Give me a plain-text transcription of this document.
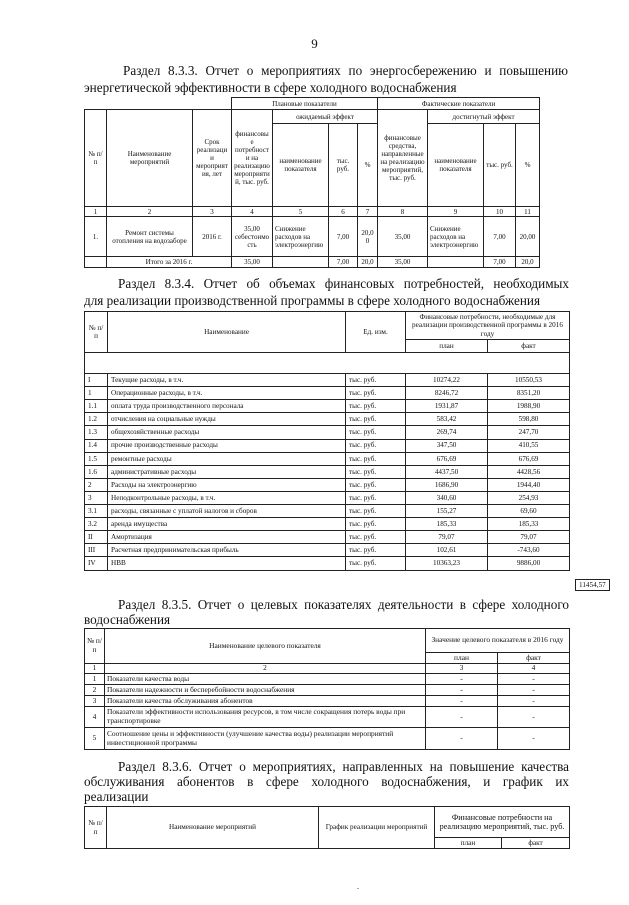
9
Раздел 8.3.3. Отчет о мероприятиях по энергосбережению и повышению
энергетической эффективности в сфере холодного водоснабжения
			Плановые показатели				Фактические показатели				
№ п/п	Наименование мероприятий	Срок реализации мероприятия, лет	финансовые потребности на реализацию мероприятий, тыс. руб.	ожидаемый эффект			финансовые средства, направленные на реализацию мероприятий, тыс. руб.	достигнутый эффект			
				наименование показателя	тыс. руб.	%		наименование показателя	тыс. руб.	%	
1	2	3	4	5	6	7	8	9	10	11	
1.	Ремонт системы отопления на водозаборе	2016 г.	35,00 себестоимость	Снижение расходов на электроэнергию	7,00	20,00	35,00	Снижение расходов на электроэнергию	7,00	20,00	
	Итого за 2016 г.		35,00		7,00	20,0	35,00		7,00	20,0	
Раздел 8.3.4. Отчет об объемах финансовых потребностей, необходимых
для реализации производственной программы в сфере холодного водоснабжения
№ п/п	Наименование	Ед. изм.	Финансовые потребности, необходимые для реализации производственной программы в 2016 году	
			план	факт

I	Текущие расходы, в т.ч.	тыс. руб.	10274,22	10550,53
1	Операционные расходы, в т.ч.	тыс. руб.	8246,72	8351,20
1.1	оплата труда производственного персонала	тыс. руб.	1931,87	1988,90
1.2	отчисления на социальные нужды	тыс. руб.	583,42	598,80
1.3	общехозяйственные расходы	тыс. руб.	269,74	247,70
1.4	прочие производственные расходы	тыс. руб.	347,50	410,55
1.5	ремонтные расходы	тыс. руб.	676,69	676,69
1.6	административные расходы	тыс. руб.	4437,50	4428,56
2	Расходы на электроэнергию	тыс. руб.	1686,90	1944,40
3	Неподконтрольные расходы, в т.ч.	тыс. руб.	340,60	254,93
3.1	расходы, связанные с уплатой налогов и сборов	тыс. руб.	155,27	69,60
3.2	аренда имущества	тыс. руб.	185,33	185,33
II	Амортизация	тыс. руб.	79,07	79,07
III	Расчетная предпринимательская прибыль	тыс. руб.	102,61	-743,60
IV	НВВ	тыс. руб.	10363,23	9886,00
11454,57
Раздел 8.3.5. Отчет о целевых показателях деятельности в сфере холодного
водоснабжения
№ п/п	Наименование целевого показателя	Значение целевого показателя в 2016 году	
		план	факт
1	2	3	4
1	Показатели качества воды	-	-
2	Показатели надежности и бесперебойности водоснабжения	-	-
3	Показатели качества обслуживания абонентов	-	-
4	Показатели эффективности использования ресурсов, в том числе сокращения потерь воды при транспортировке	-	-
5	Соотношение цены и эффективности (улучшение качества воды) реализации мероприятий инвестиционной программы	-	-
Раздел 8.3.6. Отчет о мероприятиях, направленных на повышение качества
обслуживания абонентов в сфере холодного водоснабжения, и график их
реализации
№ п/п	Наименование мероприятий	График реализации мероприятий	Финансовые потребности на реализацию мероприятий, тыс. руб.	
			план	факт
.
